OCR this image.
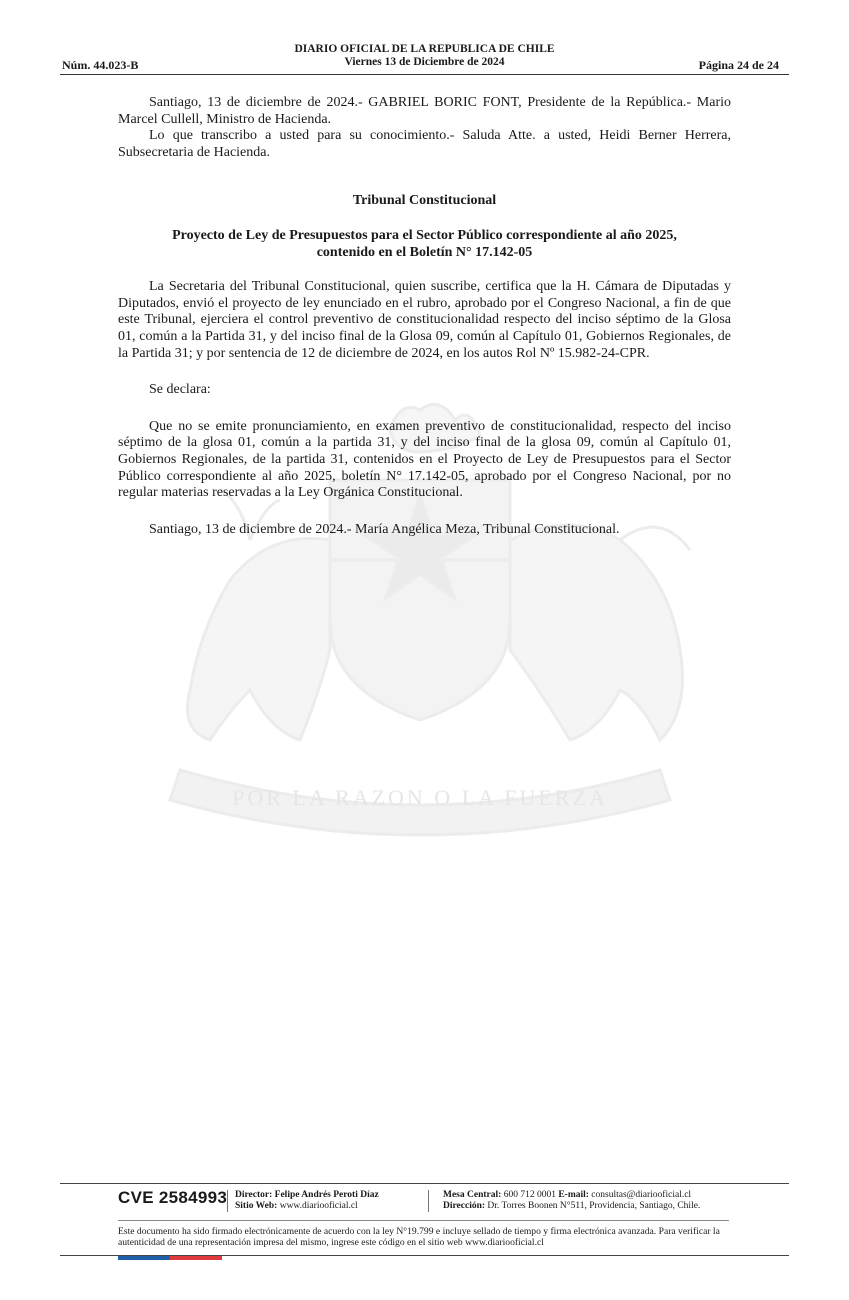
DIARIO OFICIAL DE LA REPUBLICA DE CHILE
Viernes 13 de Diciembre de 2024
Núm. 44.023-B	Página 24 de 24
POR LA RAZON O LA FUERZA

Santiago, 13 de diciembre de 2024.- GABRIEL BORIC FONT, Presidente de la República.- Mario Marcel Cullell, Ministro de Hacienda.

Lo que transcribo a usted para su conocimiento.- Saluda Atte. a usted, Heidi Berner Herrera, Subsecretaria de Hacienda.

Tribunal Constitucional

Proyecto de Ley de Presupuestos para el Sector Público correspondiente al año 2025,
contenido en el Boletín N° 17.142-05

La Secretaria del Tribunal Constitucional, quien suscribe, certifica que la H. Cámara de Diputadas y Diputados, envió el proyecto de ley enunciado en el rubro, aprobado por el Congreso Nacional, a fin de que este Tribunal, ejerciera el control preventivo de constitucionalidad respecto del inciso séptimo de la Glosa 01, común a la Partida 31, y del inciso final de la Glosa 09, común al Capítulo 01, Gobiernos Regionales, de la Partida 31; y por sentencia de 12 de diciembre de 2024, en los autos Rol Nº 15.982-24-CPR.

Se declara:

Que no se emite pronunciamiento, en examen preventivo de constitucionalidad, respecto del inciso séptimo de la glosa 01, común a la partida 31, y del inciso final de la glosa 09, común al Capítulo 01, Gobiernos Regionales, de la partida 31, contenidos en el Proyecto de Ley de Presupuestos para el Sector Público correspondiente al año 2025, boletín N° 17.142-05, aprobado por el Congreso Nacional, por no regular materias reservadas a la Ley Orgánica Constitucional.

Santiago, 13 de diciembre de 2024.- María Angélica Meza, Tribunal Constitucional.

CVE 2584993 Director: Felipe Andrés Peroti Díaz
Sitio Web: www.diariooficial.cl
Mesa Central: 600 712 0001 E-mail: consultas@diariooficial.cl
Dirección: Dr. Torres Boonen N°511, Providencia, Santiago, Chile.
Este documento ha sido firmado electrónicamente de acuerdo con la ley N°19.799 e incluye sellado de tiempo y firma electrónica avanzada. Para verificar la autenticidad de una representación impresa del mismo, ingrese este código en el sitio web www.diariooficial.cl
